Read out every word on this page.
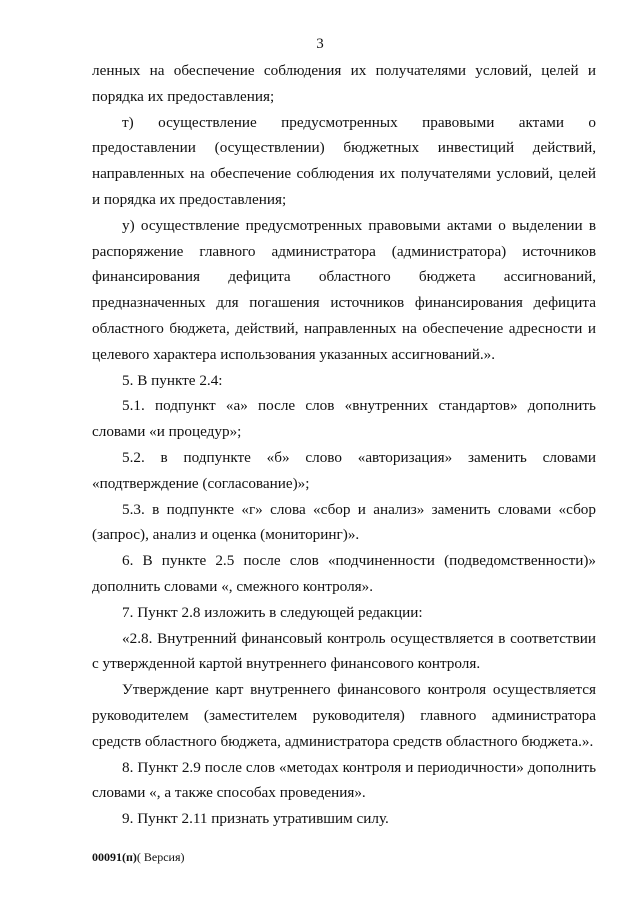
3

ленных на обеспечение соблюдения их получателями условий, целей и порядка их предоставления;

т) осуществление предусмотренных правовыми актами о предоставлении (осуществлении) бюджетных инвестиций действий, направленных на обеспечение соблюдения их получателями условий, целей и порядка их предоставления;

у) осуществление предусмотренных правовыми актами о выделении в распоряжение главного администратора (администратора) источников финансирования дефицита областного бюджета ассигнований, предназначенных для погашения источников финансирования дефицита областного бюджета, действий, направленных на обеспечение адресности и целевого характера использования указанных ассигнований.».

5. В пункте 2.4:

5.1. подпункт «а» после слов «внутренних стандартов» дополнить словами «и процедур»;

5.2. в подпункте «б» слово «авторизация» заменить словами «подтверждение (согласование)»;

5.3. в подпункте «г» слова «сбор и анализ» заменить словами «сбор (запрос), анализ и оценка (мониторинг)».

6. В пункте 2.5 после слов «подчиненности (подведомственности)» дополнить словами «, смежного контроля».

7. Пункт 2.8 изложить в следующей редакции:

«2.8. Внутренний финансовый контроль осуществляется в соответствии с утвержденной картой внутреннего финансового контроля.

Утверждение карт внутреннего финансового контроля осуществляется руководителем (заместителем руководителя) главного администратора средств областного бюджета, администратора средств областного бюджета.».

8. Пункт 2.9 после слов «методах контроля и периодичности» дополнить словами «, а также способах проведения».

9. Пункт 2.11 признать утратившим силу.

00091(п)( Версия)
